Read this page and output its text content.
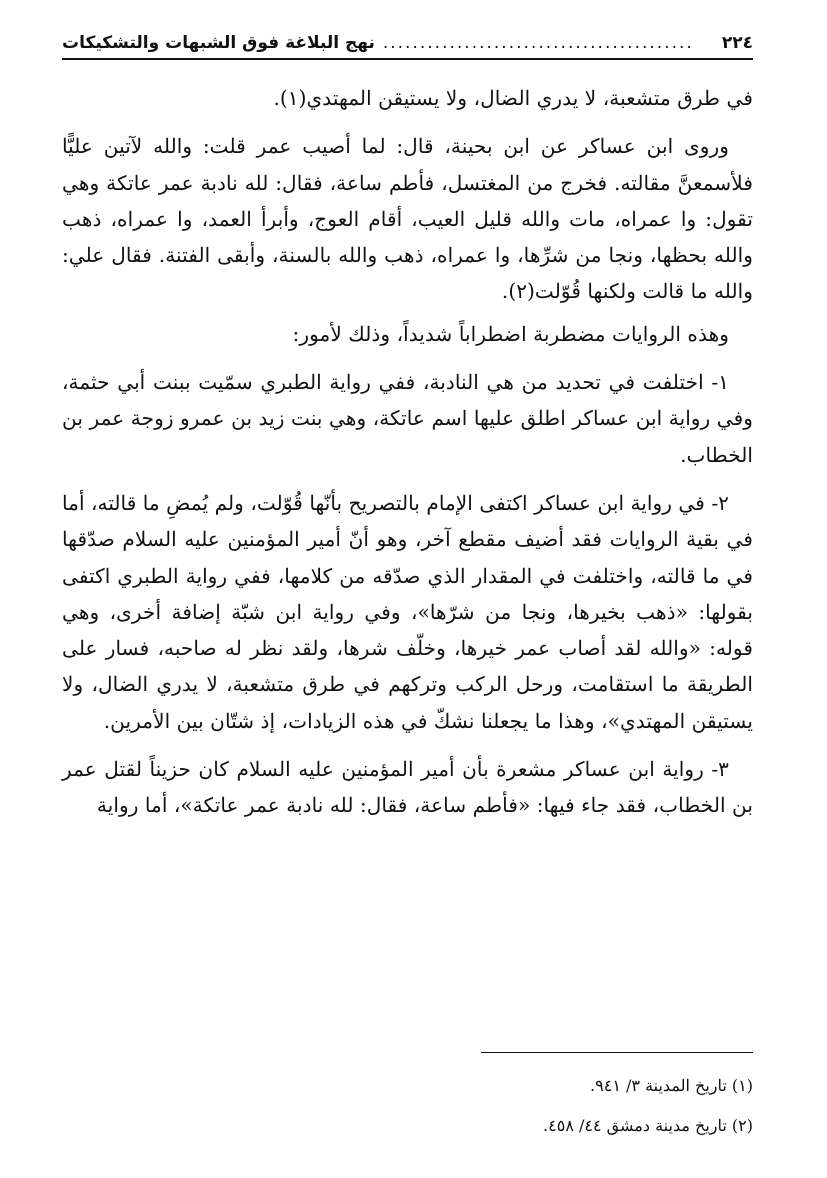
٢٢٤
..........................................
نهج البلاغة فوق الشبهات والتشكيكات

في طرق متشعبة، لا يدري الضال، ولا يستيقن المهتدي(١).

وروى ابن عساكر عن ابن بحينة، قال: لما أصيب عمر قلت: والله لآتين عليًّا فلأسمعنَّ مقالته. فخرج من المغتسل، فأطم ساعة، فقال: لله نادبة عمر عاتكة وهي تقول: وا عمراه، مات والله قليل العيب، أقام العوج، وأبرأ العمد، وا عمراه، ذهب والله بحظها، ونجا من شرِّها، وا عمراه، ذهب والله بالسنة، وأبقى الفتنة. فقال علي: والله ما قالت ولكنها قُوّلت(٢).

وهذه الروايات مضطربة اضطراباً شديداً، وذلك لأمور:

١- اختلفت في تحديد من هي النادبة، ففي رواية الطبري سمّيت ببنت أبي حثمة، وفي رواية ابن عساكر اطلق عليها اسم عاتكة، وهي بنت زيد بن عمرو زوجة عمر بن الخطاب.

٢- في رواية ابن عساكر اكتفى الإمام بالتصريح بأنّها قُوّلت، ولم يُمضِ ما قالته، أما في بقية الروايات فقد أضيف مقطع آخر، وهو أنّ أمير المؤمنين عليه السلام صدّقها في ما قالته، واختلفت في المقدار الذي صدّقه من كلامها، ففي رواية الطبري اكتفى بقولها: «ذهب بخيرها، ونجا من شرّها»، وفي رواية ابن شبّة إضافة أخرى، وهي قوله: «والله لقد أصاب عمر خيرها، وخلّف شرها، ولقد نظر له صاحبه، فسار على الطريقة ما استقامت، ورحل الركب وتركهم في طرق متشعبة، لا يدري الضال، ولا يستيقن المهتدي»، وهذا ما يجعلنا نشكّ في هذه الزيادات، إذ شتّان بين الأمرين.

٣- رواية ابن عساكر مشعرة بأن أمير المؤمنين عليه السلام كان حزيناً لقتل عمر بن الخطاب، فقد جاء فيها: «فأطم ساعة، فقال: لله نادبة عمر عاتكة»، أما رواية

(١) تاريخ المدينة ٣/ ٩٤١.

(٢) تاريخ مدينة دمشق ٤٤/ ٤٥٨.
